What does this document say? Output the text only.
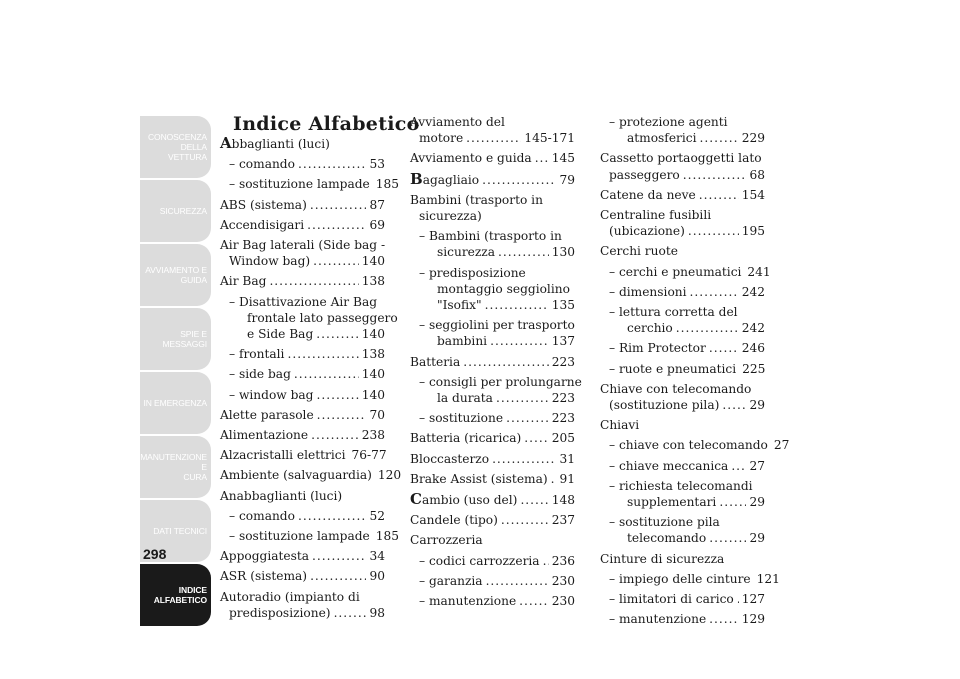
CONOSCENZA
DELLA VETTURA
SICUREZZA
AVVIAMENTO E
GUIDA
SPIE E MESSAGGI
IN EMERGENZA
MANUTENZIONE E
CURA
DATI TECNICI
INDICE
ALFABETICO
298
Indice Alfabetico
Abbaglianti (luci)
– comando .....	53
– sostituzione lampade 185
ABS (sistema) .....	87
Accendisigari .....	69
Air Bag laterali (Side bag -
Window bag) .....	140
Air Bag .....	138
– Disattivazione Air Bag
frontale lato passeggero
e Side Bag .....	140
– frontali .....	138
– side bag .....	140
– window bag .....	140
Alette parasole .....	70
Alimentazione .....	238
Alzacristalli elettrici 76-77
Ambiente (salvaguardia) 120
Anabbaglianti (luci)
– comando .....	52
– sostituzione lampade 185
Appoggiatesta .....	34
ASR (sistema) .....	90
Autoradio (impianto di
predisposizione) .....	98
Avviamento del
motore .....	145-171
Avviamento e guida ..... 145
Bagagliaio .....	79
Bambini (trasporto in
sicurezza)
– Bambini (trasporto in
sicurezza .....	130
– predisposizione
montaggio seggiolino
"Isofix" .....	135
– seggiolini per trasporto
bambini .....	137
Batteria .....	223
– consigli per prolungarne
la durata .....	223
– sostituzione .....	223
Batteria (ricarica) ..... 205
Bloccasterzo .....	31
Brake Assist (sistema) ..... 91
Cambio (uso del) .....	148
Candele (tipo) .....	237
Carrozzeria
– codici carrozzeria ..... 236
– garanzia .....	230
– manutenzione .....	230
– protezione agenti
atmosferici .....	229
Cassetto portaoggetti lato
passeggero .....	68
Catene da neve .....	154
Centraline fusibili
(ubicazione) .....	195
Cerchi ruote
– cerchi e pneumatici 241
– dimensioni .....	242
– lettura corretta del
cerchio .....	242
– Rim Protector .....	246
– ruote e pneumatici 225
Chiave con telecomando
(sostituzione pila) ..... 29
Chiavi
– chiave con telecomando 27
– chiave meccanica ..... 27
– richiesta telecomandi
supplementari .....	29
– sostituzione pila
telecomando .....	29
Cinture di sicurezza
– impiego delle cinture 121
– limitatori di carico ..... 127
– manutenzione .....	129
